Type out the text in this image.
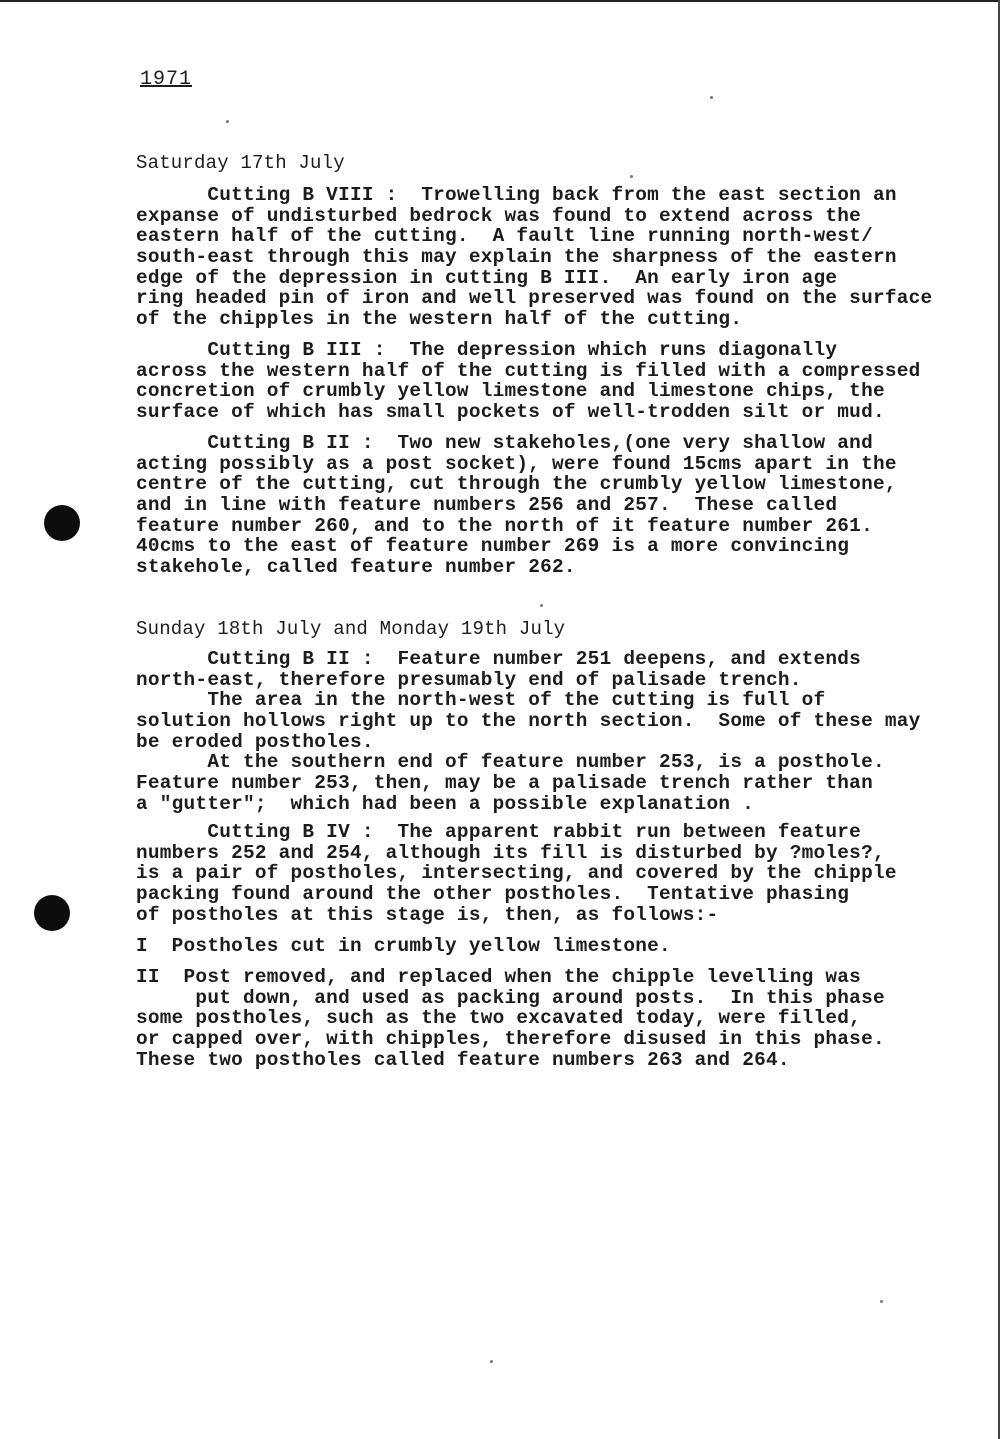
1971
Saturday 17th July
Cutting B VIII :  Trowelling back from the east section an
expanse of undisturbed bedrock was found to extend across the
eastern half of the cutting.  A fault line running north-west/
south-east through this may explain the sharpness of the eastern
edge of the depression in cutting B III.  An early iron age
ring headed pin of iron and well preserved was found on the surface
of the chipples in the western half of the cutting.
Cutting B III :  The depression which runs diagonally
across the western half of the cutting is filled with a compressed
concretion of crumbly yellow limestone and limestone chips, the
surface of which has small pockets of well-trodden silt or mud.
Cutting B II :  Two new stakeholes,(one very shallow and
acting possibly as a post socket), were found 15cms apart in the
centre of the cutting, cut through the crumbly yellow limestone,
and in line with feature numbers 256 and 257.  These called
feature number 260, and to the north of it feature number 261.
40cms to the east of feature number 269 is a more convincing
stakehole, called feature number 262.
Sunday 18th July and Monday 19th July
Cutting B II :  Feature number 251 deepens, and extends
north-east, therefore presumably end of palisade trench.
The area in the north-west of the cutting is full of
solution hollows right up to the north section.  Some of these may
be eroded postholes.
At the southern end of feature number 253, is a posthole.
Feature number 253, then, may be a palisade trench rather than
a "gutter";  which had been a possible explanation .
Cutting B IV :  The apparent rabbit run between feature
numbers 252 and 254, although its fill is disturbed by ?moles?,
is a pair of postholes, intersecting, and covered by the chipple
packing found around the other postholes.  Tentative phasing
of postholes at this stage is, then, as follows:-
I  Postholes cut in crumbly yellow limestone.
II  Post removed, and replaced when the chipple levelling was
put down, and used as packing around posts.  In this phase
some postholes, such as the two excavated today, were filled,
or capped over, with chipples, therefore disused in this phase.
These two postholes called feature numbers 263 and 264.
